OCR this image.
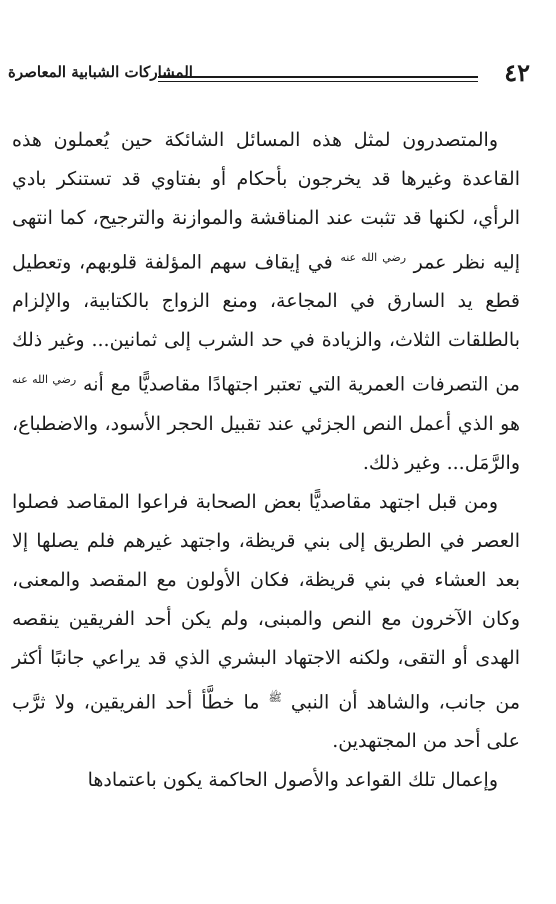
٤٢
المشاركات الشبابية المعاصرة

والمتصدرون لمثل هذه المسائل الشائكة حين يُعملون هذه القاعدة وغيرها قد يخرجون بأحكام أو بفتاوي قد تستنكر بادي الرأي، لكنها قد تثبت عند المناقشة والموازنة والترجيح، كما انتهى إليه نظر عمر $^{رضي الله عنه}$ في إيقاف سهم المؤلفة قلوبهم، وتعطيل قطع يد السارق في المجاعة، ومنع الزواج بالكتابية، والإلزام بالطلقات الثلاث، والزيادة في حد الشرب إلى ثمانين... وغير ذلك من التصرفات العمرية التي تعتبر اجتهادًا مقاصديًّا مع أنه $^{رضي الله عنه}$ هو الذي أعمل النص الجزئي عند تقبيل الحجر الأسود، والاضطباع، والرَّمَل... وغير ذلك.

ومن قبل اجتهد مقاصديًّا بعض الصحابة فراعوا المقاصد فصلوا العصر في الطريق إلى بني قريظة، واجتهد غيرهم فلم يصلها إلا بعد العشاء في بني قريظة، فكان الأولون مع المقصد والمعنى، وكان الآخرون مع النص والمبنى، ولم يكن أحد الفريقين ينقصه الهدى أو التقى، ولكنه الاجتهاد البشري الذي قد يراعي جانبًا أكثر من جانب، والشاهد أن النبي $^ﷺ$ ما خطَّأ أحد الفريقين، ولا ثرَّب على أحد من المجتهدين.

وإعمال تلك القواعد والأصول الحاكمة يكون باعتمادها
